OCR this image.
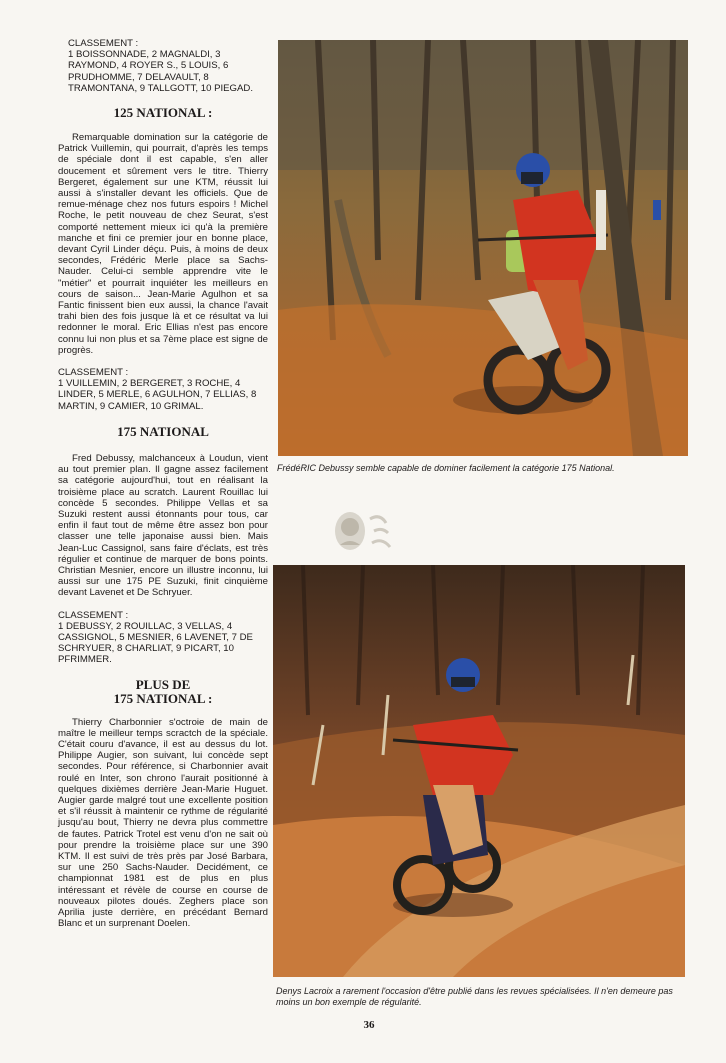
CLASSEMENT :

1 BOISSONNADE, 2 MAGNALDI, 3 RAYMOND, 4 ROYER S., 5 LOUIS, 6 PRUDHOMME, 7 DELAVAULT, 8 TRAMONTANA, 9 TALLGOTT, 10 PIEGAD.

125 NATIONAL :

Remarquable domination sur la catégorie de Patrick Vuillemin, qui pourrait, d'après les temps de spéciale dont il est capable, s'en aller doucement et sûrement vers le titre. Thierry Bergeret, également sur une KTM, réussit lui aussi à s'installer devant les officiels. Que de remue-ménage chez nos futurs espoirs ! Michel Roche, le petit nouveau de chez Seurat, s'est comporté nettement mieux ici qu'à la première manche et fini ce premier jour en bonne place, devant Cyril Linder déçu. Puis, à moins de deux secondes, Frédéric Merle place sa Sachs-Nauder. Celui-ci semble apprendre vite le "métier" et pourrait inquiéter les meilleurs en cours de saison... Jean-Marie Agulhon et sa Fantic finissent bien eux aussi, la chance l'avait trahi bien des fois jusque là et ce résultat va lui redonner le moral. Eric Ellias n'est pas encore connu lui non plus et sa 7ème place est signe de progrès.

CLASSEMENT :

1 VUILLEMIN, 2 BERGERET, 3 ROCHE, 4 LINDER, 5 MERLE, 6 AGULHON, 7 ELLIAS, 8 MARTIN, 9 CAMIER, 10 GRIMAL.

175 NATIONAL

Fred Debussy, malchanceux à Loudun, vient au tout premier plan. Il gagne assez facilement sa catégorie aujourd'hui, tout en réalisant la troisième place au scratch. Laurent Rouillac lui concède 5 secondes. Philippe Vellas et sa Suzuki restent aussi étonnants pour tous, car enfin il faut tout de même être assez bon pour classer une telle japonaise aussi bien. Mais Jean-Luc Cassignol, sans faire d'éclats, est très régulier et continue de marquer de bons points. Christian Mesnier, encore un illustre inconnu, lui aussi sur une 175 PE Suzuki, finit cinquième devant Lavenet et De Schryuer.

CLASSEMENT :

1 DEBUSSY, 2 ROUILLAC, 3 VELLAS, 4 CASSIGNOL, 5 MESNIER, 6 LAVENET, 7 DE SCHRYUER, 8 CHARLIAT, 9 PICART, 10 PFRIMMER.

PLUS DE
175 NATIONAL :

Thierry Charbonnier s'octroie de main de maître le meilleur temps scractch de la spéciale. C'était couru d'avance, il est au dessus du lot. Philippe Augier, son suivant, lui concède sept secondes. Pour référence, si Charbonnier avait roulé en Inter, son chrono l'aurait positionné à quelques dixièmes derrière Jean-Marie Huguet. Augier garde malgré tout une excellente position et s'il réussit à maintenir ce rythme de régularité jusqu'au bout, Thierry ne devra plus commettre de fautes. Patrick Trotel est venu d'on ne sait où pour prendre la troisième place sur une 390 KTM. Il est suivi de très près par José Barbara, sur une 250 Sachs-Nauder. Decidément, ce championnat 1981 est de plus en plus intéressant et révèle de course en course de nouveaux pilotes doués. Zeghers place son Aprilia juste derrière, en précédant Bernard Blanc et un surprenant Doelen.

FrédéRIC Debussy semble capable de dominer facilement la catégorie 175 National.
Denys Lacroix a rarement l'occasion d'être publié dans les revues spécialisées. Il n'en demeure pas moins un bon exemple de régularité.
36
